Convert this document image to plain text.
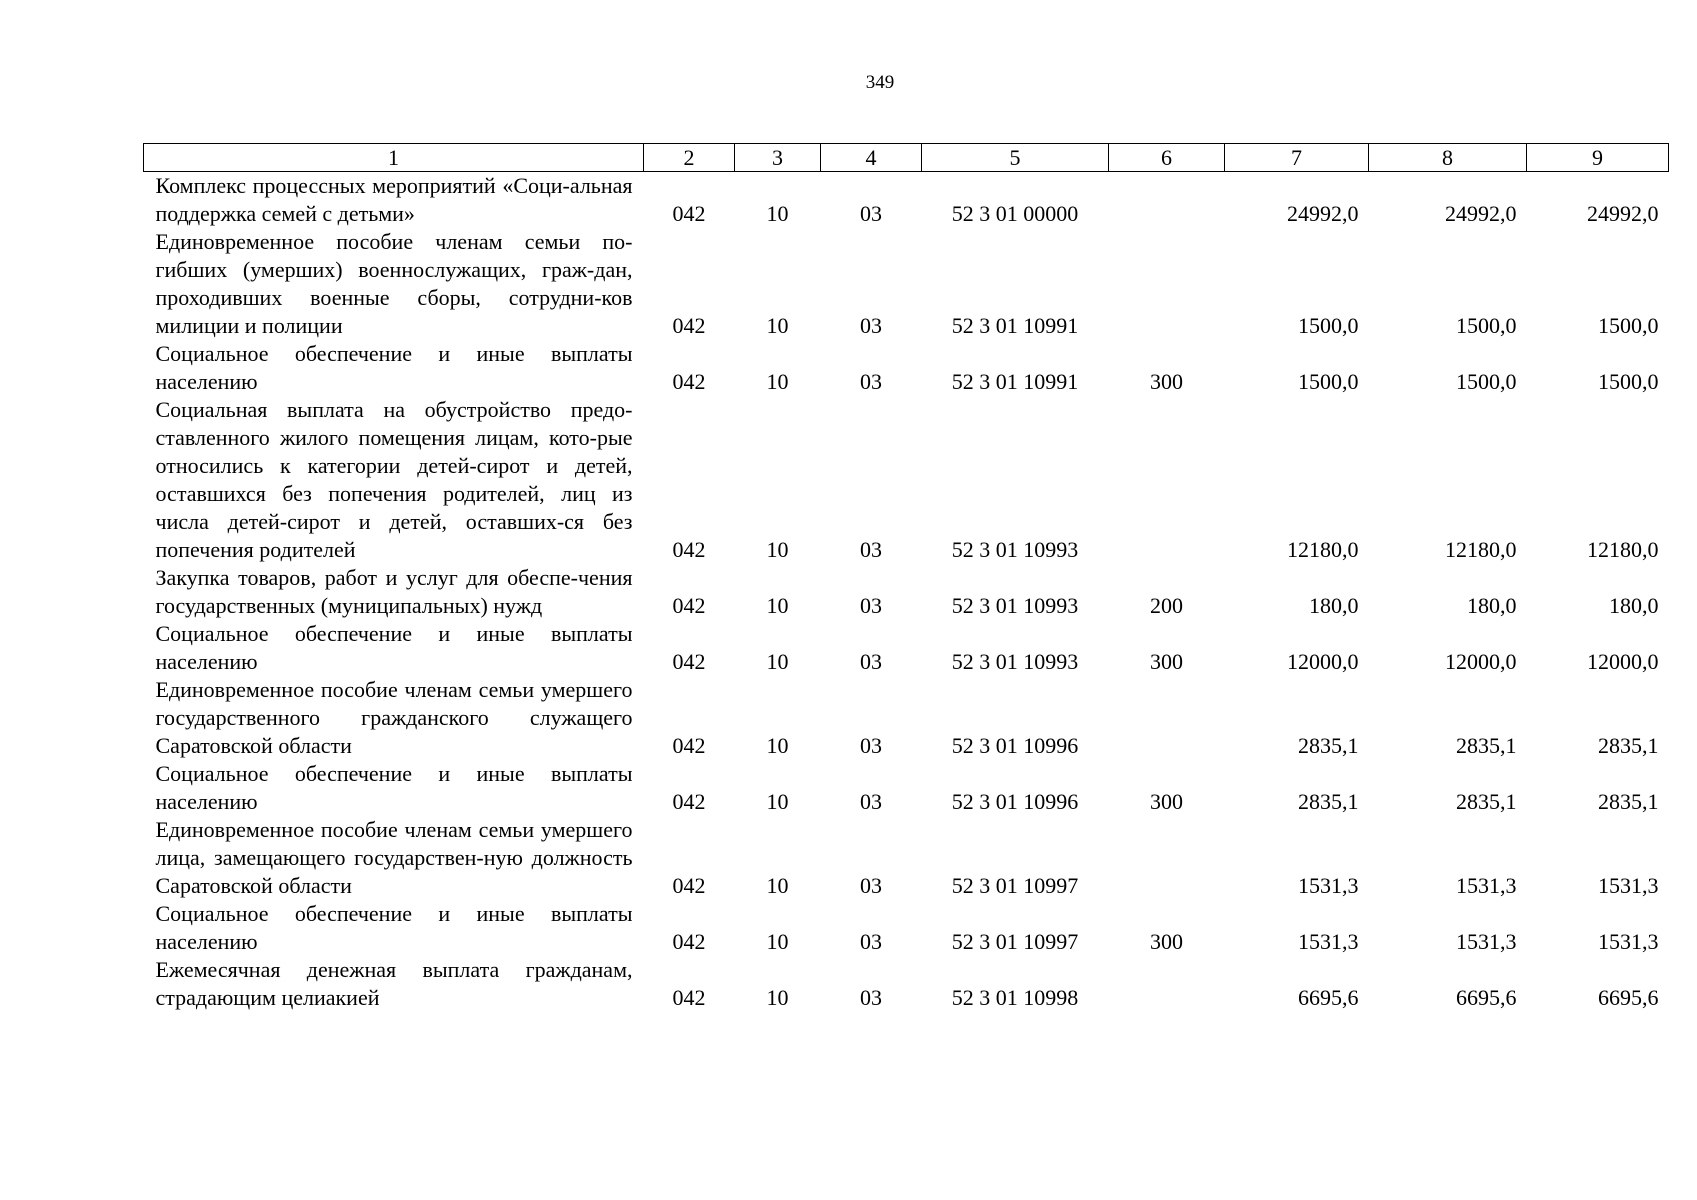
349
1	2	3	4	5	6	7	8	9
Комплекс процессных мероприятий «Соци-альная поддержка семей с детьми»	042	10	03	52 3 01 00000		24992,0	24992,0	24992,0
Единовременное пособие членам семьи по-гибших (умерших) военнослужащих, граж-дан, проходивших военные сборы, сотрудни-ков милиции и полиции	042	10	03	52 3 01 10991		1500,0	1500,0	1500,0
Социальное обеспечение и иные выплаты населению	042	10	03	52 3 01 10991	300	1500,0	1500,0	1500,0
Социальная выплата на обустройство предо-ставленного жилого помещения лицам, кото-рые относились к категории детей-сирот и детей, оставшихся без попечения родителей, лиц из числа детей-сирот и детей, оставших-ся без попечения родителей	042	10	03	52 3 01 10993		12180,0	12180,0	12180,0
Закупка товаров, работ и услуг для обеспе-чения государственных (муниципальных) нужд	042	10	03	52 3 01 10993	200	180,0	180,0	180,0
Социальное обеспечение и иные выплаты населению	042	10	03	52 3 01 10993	300	12000,0	12000,0	12000,0
Единовременное пособие членам семьи умершего государственного гражданского служащего Саратовской области	042	10	03	52 3 01 10996		2835,1	2835,1	2835,1
Социальное обеспечение и иные выплаты населению	042	10	03	52 3 01 10996	300	2835,1	2835,1	2835,1
Единовременное пособие членам семьи умершего лица, замещающего государствен-ную должность Саратовской области	042	10	03	52 3 01 10997		1531,3	1531,3	1531,3
Социальное обеспечение и иные выплаты населению	042	10	03	52 3 01 10997	300	1531,3	1531,3	1531,3
Ежемесячная денежная выплата гражданам, страдающим целиакией	042	10	03	52 3 01 10998		6695,6	6695,6	6695,6
